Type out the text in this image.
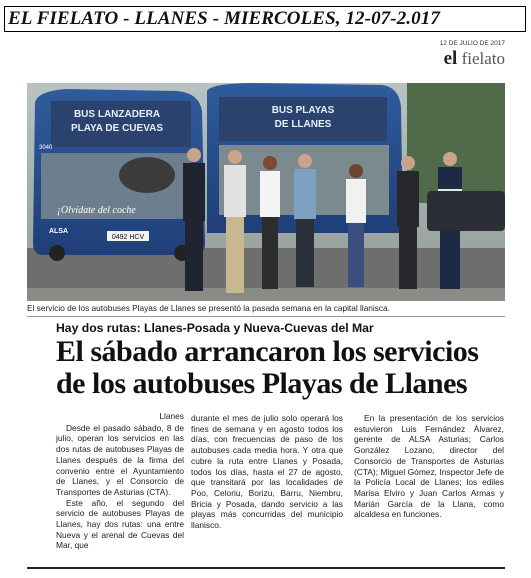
EL FIELATO - LLANES - MIERCOLES, 12-07-2.017
12 DE JULIO DE 2017
el fielato
BUS LANZADERA
PLAYA DE CUEVAS
3040
¡Olvídate del coche
ALSA
0492 HCV
BUS PLAYAS
DE LLANES
El servicio de los autobuses Playas de Llanes se presentó la pasada semana en la capital llanisca.
Hay dos rutas: Llanes-Posada y Nueva-Cuevas del Mar
El sábado arrancaron los servicios
de los autobuses Playas de Llanes

Llanes

Desde el pasado sábado, 8 de julio, operan los servicios en las dos rutas de autobuses Playas de Llanes después de la firma del convenio entre el Ayuntamiento de Llanes, y el Consorcio de Transportes de Asturias (CTA).

Este año, el segundo del servicio de autobuses Playas de Llanes, hay dos rutas: una entre Nueva y el arenal de Cuevas del Mar, que

durante el mes de julio solo operará los fines de semana y en agosto todos los días, con frecuencias de paso de los autobuses cada media hora. Y otra que cubre la ruta entre Llanes y Posada, todos los días, hasta el 27 de agosto, que transitará por las localidades de Poo, Celoriu, Borizu, Barru, Niembru, Bricia y Posada, dando servicio a las playas más concurridas del municipio llanisco.

En la presentación de los servicios estuvieron Luis Fernández Álvarez, gerente de ALSA Asturias; Carlos González Lozano, director del Consorcio de Transportes de Asturias (CTA); Miguel Gómez, Inspector Jefe de la Policía Local de Llanes; los ediles Marisa Elviro y Juan Carlos Armas y Marián García de la Llana, como alcaldesa en funciones.
